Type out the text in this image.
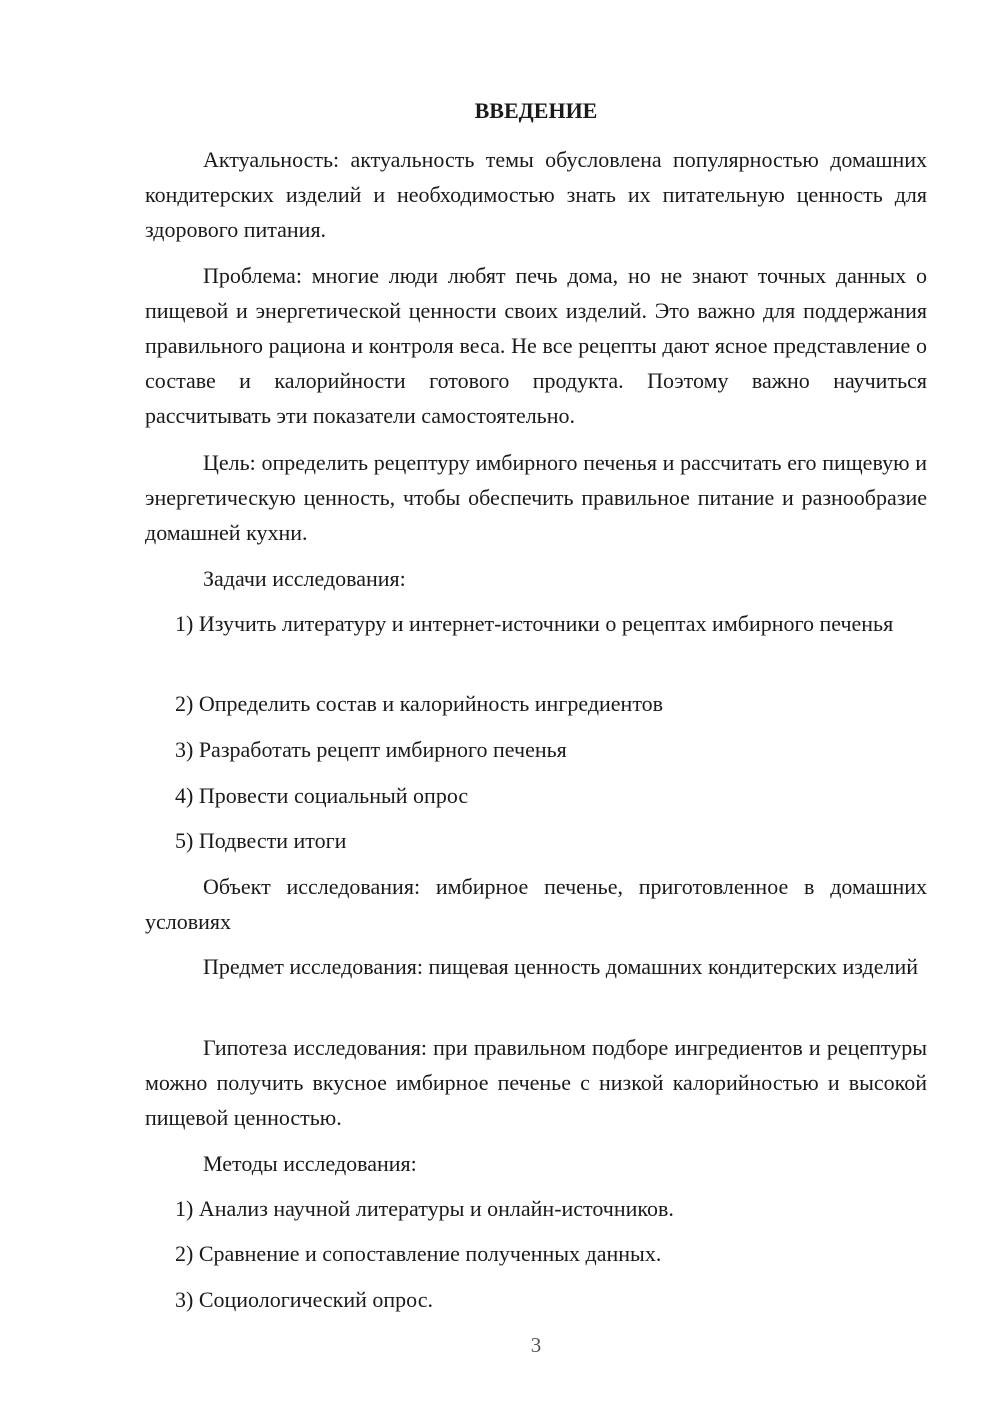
ВВЕДЕНИЕ
Актуальность: актуальность темы обусловлена популярностью домашних кондитерских изделий и необходимостью знать их питательную ценность для здорового питания.
Проблема: многие люди любят печь дома, но не знают точных данных о пищевой и энергетической ценности своих изделий. Это важно для поддержания правильного рациона и контроля веса. Не все рецепты дают ясное представление о составе и калорийности готового продукта. Поэтому важно научиться рассчитывать эти показатели самостоятельно.
Цель: определить рецептуру имбирного печенья и рассчитать его пищевую и энергетическую ценность, чтобы обеспечить правильное питание и разнообразие домашней кухни.
Задачи исследования:
1) Изучить литературу и интернет-источники о рецептах имбирного печенья
2) Определить состав и калорийность ингредиентов
3) Разработать рецепт имбирного печенья
4) Провести социальный опрос
5) Подвести итоги
Объект исследования: имбирное печенье, приготовленное в домашних условиях
Предмет исследования: пищевая ценность домашних кондитерских изделий
Гипотеза исследования: при правильном подборе ингредиентов и рецептуры можно получить вкусное имбирное печенье с низкой калорийностью и высокой пищевой ценностью.
Методы исследования:
1) Анализ научной литературы и онлайн-источников.
2) Сравнение и сопоставление полученных данных.
3) Социологический опрос.
3
